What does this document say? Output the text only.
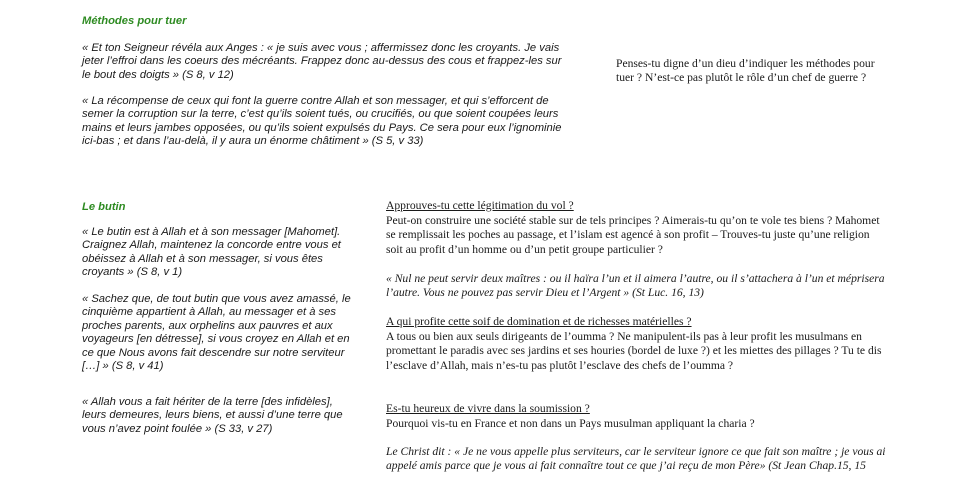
Méthodes pour tuer

« Et ton Seigneur révéla aux Anges : « je suis avec vous ; affermissez donc les croyants. Je vais jeter l’effroi dans les coeurs des mécréants. Frappez donc au-dessus des cous et frappez-les sur le bout des doigts » (S 8, v 12)

« La récompense de ceux qui font la guerre contre Allah et son messager, et qui s’efforcent de semer la corruption sur la terre, c’est qu’ils soient tués, ou crucifiés, ou que soient coupées leurs mains et leurs jambes opposées, ou qu’ils soient expulsés du Pays. Ce sera pour eux l’ignominie ici-bas ; et dans l’au-delà, il y aura un énorme châtiment » (S 5, v 33)

Penses-tu digne d’un dieu d’indiquer les méthodes pour tuer ? N’est-ce pas plutôt le rôle d’un chef de guerre ?

Le butin

« Le butin est à Allah et à son messager [Mahomet]. Craignez Allah, maintenez la concorde entre vous et obéissez à Allah et à son messager, si vous êtes croyants » (S 8, v 1)

« Sachez que, de tout butin que vous avez amassé, le cinquième appartient à Allah, au messager et à ses proches parents, aux orphelins aux pauvres et aux voyageurs [en détresse], si vous croyez en Allah et en ce que Nous avons fait descendre sur notre serviteur […] » (S 8, v 41)

« Allah vous a fait hériter de la terre [des infidèles], leurs demeures, leurs biens, et aussi d’une terre que vous n’avez point foulée » (S 33, v 27)

Approuves-tu cette légitimation du vol ?

Peut-on construire une société stable sur de tels principes ? Aimerais-tu qu’on te vole tes biens ? Mahomet se remplissait les poches au passage, et l’islam est agencé à son profit – Trouves-tu juste qu’une religion soit au profit d’un homme ou d’un petit groupe particulier ?

« Nul ne peut servir deux maîtres : ou il haïra l’un et il aimera l’autre, ou il s’attachera à l’un et méprisera l’autre. Vous ne pouvez pas servir Dieu et l’Argent » (St Luc. 16, 13)

A qui profite cette soif de domination et de richesses matérielles ?

A tous ou bien aux seuls dirigeants de l’oumma ? Ne manipulent-ils pas à leur profit les musulmans en promettant le paradis avec ses jardins et ses houries (bordel de luxe ?) et les miettes des pillages ? Tu te dis l’esclave d’Allah, mais n’es-tu pas plutôt l’esclave des chefs de l’oumma ?

Es-tu heureux de vivre dans la soumission ?

Pourquoi vis-tu en France et non dans un Pays musulman appliquant la charia ?

Le Christ dit : « Je ne vous appelle plus serviteurs, car le serviteur ignore ce que fait son maître ; je vous ai appelé amis parce que je vous ai fait connaître tout ce que j’ai reçu de mon Père» (St Jean Chap.15, 15
